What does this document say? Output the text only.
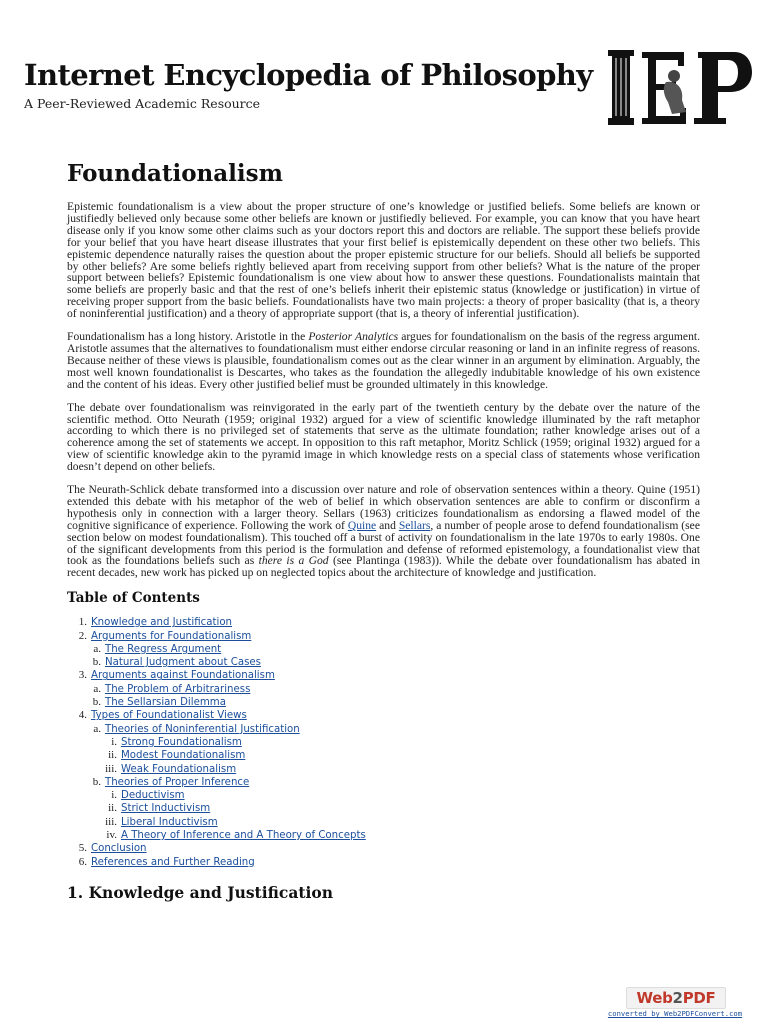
Internet Encyclopedia of Philosophy
A Peer-Reviewed Academic Resource
Foundationalism

Epistemic foundationalism is a view about the proper structure of one’s knowledge or justified beliefs. Some beliefs are known or justifiedly believed only because some other beliefs are known or justifiedly believed. For example, you can know that you have heart disease only if you know some other claims such as your doctors report this and doctors are reliable. The support these beliefs provide for your belief that you have heart disease illustrates that your first belief is epistemically dependent on these other two beliefs. This epistemic dependence naturally raises the question about the proper epistemic structure for our beliefs. Should all beliefs be supported by other beliefs? Are some beliefs rightly believed apart from receiving support from other beliefs? What is the nature of the proper support between beliefs? Epistemic foundationalism is one view about how to answer these questions. Foundationalists maintain that some beliefs are properly basic and that the rest of one’s beliefs inherit their epistemic status (knowledge or justification) in virtue of receiving proper support from the basic beliefs. Foundationalists have two main projects: a theory of proper basicality (that is, a theory of noninferential justification) and a theory of appropriate support (that is, a theory of inferential justification).

Foundationalism has a long history. Aristotle in the Posterior Analytics argues for foundationalism on the basis of the regress argument. Aristotle assumes that the alternatives to foundationalism must either endorse circular reasoning or land in an infinite regress of reasons. Because neither of these views is plausible, foundationalism comes out as the clear winner in an argument by elimination. Arguably, the most well known foundationalist is Descartes, who takes as the foundation the allegedly indubitable knowledge of his own existence and the content of his ideas. Every other justified belief must be grounded ultimately in this knowledge.

The debate over foundationalism was reinvigorated in the early part of the twentieth century by the debate over the nature of the scientific method. Otto Neurath (1959; original 1932) argued for a view of scientific knowledge illuminated by the raft metaphor according to which there is no privileged set of statements that serve as the ultimate foundation; rather knowledge arises out of a coherence among the set of statements we accept. In opposition to this raft metaphor, Moritz Schlick (1959; original 1932) argued for a view of scientific knowledge akin to the pyramid image in which knowledge rests on a special class of statements whose verification doesn’t depend on other beliefs.

The Neurath-Schlick debate transformed into a discussion over nature and role of observation sentences within a theory. Quine (1951) extended this debate with his metaphor of the web of belief in which observation sentences are able to confirm or disconfirm a hypothesis only in connection with a larger theory. Sellars (1963) criticizes foundationalism as endorsing a flawed model of the cognitive significance of experience. Following the work of Quine and Sellars, a number of people arose to defend foundationalism (see section below on modest foundationalism). This touched off a burst of activity on foundationalism in the late 1970s to early 1980s. One of the significant developments from this period is the formulation and defense of reformed epistemology, a foundationalist view that took as the foundations beliefs such as there is a God (see Plantinga (1983)). While the debate over foundationalism has abated in recent decades, new work has picked up on neglected topics about the architecture of knowledge and justification.

Table of Contents
1. Knowledge and Justification
2. Arguments for Foundationalism
a. The Regress Argument
b. Natural Judgment about Cases
3. Arguments against Foundationalism
a. The Problem of Arbitrariness
b. The Sellarsian Dilemma
4. Types of Foundationalist Views
a. Theories of Noninferential Justification
i. Strong Foundationalism
ii. Modest Foundationalism
iii. Weak Foundationalism
b. Theories of Proper Inference
i. Deductivism
ii. Strict Inductivism
iii. Liberal Inductivism
iv. A Theory of Inference and A Theory of Concepts
5. Conclusion
6. References and Further Reading
1. Knowledge and Justification
Web2PDF
converted by Web2PDFConvert.com
